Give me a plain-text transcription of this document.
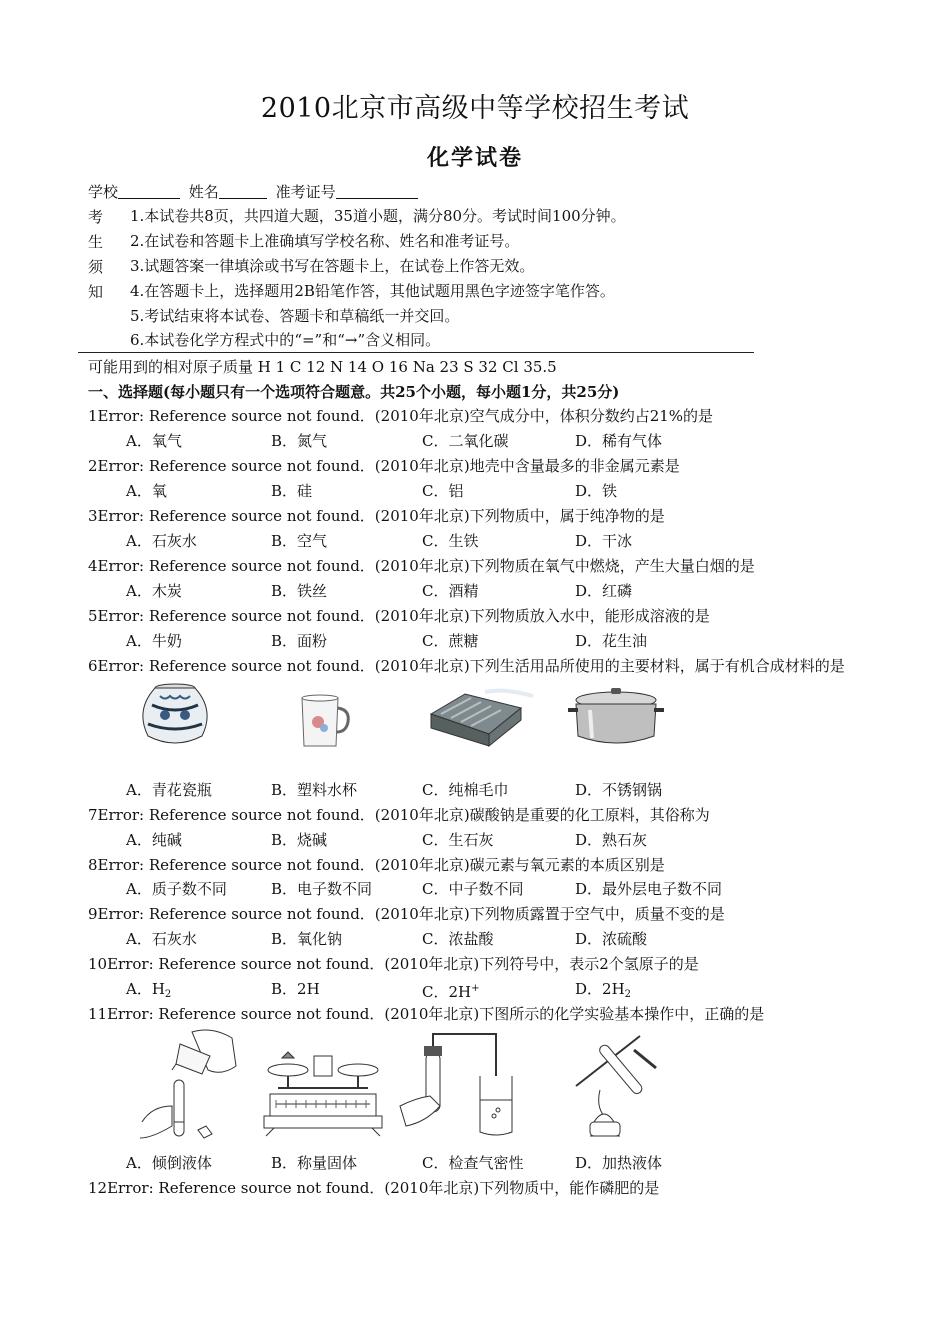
2010北京市高级中等学校招生考试
化学试卷
学校	姓名	准考证号
考
生
须
知
1.本试卷共8页，共四道大题，35道小题，满分80分。考试时间100分钟。
2.在试卷和答题卡上准确填写学校名称、姓名和准考证号。
3.试题答案一律填涂或书写在答题卡上，在试卷上作答无效。
4.在答题卡上，选择题用2B铅笔作答，其他试题用黑色字迹签字笔作答。
5.考试结束将本试卷、答题卡和草稿纸一并交回。
6.本试卷化学方程式中的“=”和“→”含义相同。
可能用到的相对原子质量 H 1 C 12 N 14 O 16 Na 23 S 32 Cl 35.5
一、选择题(每小题只有一个选项符合题意。共25个小题，每小题1分，共25分)
1Error: Reference source not found．(2010年北京)空气成分中，体积分数约占21%的是
A．氧气	B．氮气	C．二氧化碳	D．稀有气体
2Error: Reference source not found．(2010年北京)地壳中含量最多的非金属元素是
A．氧	B．硅	C．铝	D．铁
3Error: Reference source not found．(2010年北京)下列物质中，属于纯净物的是
A．石灰水	B．空气	C．生铁	D．干冰
4Error: Reference source not found．(2010年北京)下列物质在氧气中燃烧，产生大量白烟的是
A．木炭	B．铁丝	C．酒精	D．红磷
5Error: Reference source not found．(2010年北京)下列物质放入水中，能形成溶液的是
A．牛奶	B．面粉	C．蔗糖	D．花生油
6Error: Reference source not found．(2010年北京)下列生活用品所使用的主要材料，属于有机合成材料的是
A．青花瓷瓶	B．塑料水杯	C．纯棉毛巾	D．不锈钢锅
7Error: Reference source not found．(2010年北京)碳酸钠是重要的化工原料，其俗称为
A．纯碱	B．烧碱	C．生石灰	D．熟石灰
8Error: Reference source not found．(2010年北京)碳元素与氧元素的本质区别是
A．质子数不同	B．电子数不同	C．中子数不同	D．最外层电子数不同
9Error: Reference source not found．(2010年北京)下列物质露置于空气中，质量不变的是
A．石灰水	B．氧化钠	C．浓盐酸	D．浓硫酸
10Error: Reference source not found．(2010年北京)下列符号中，表示2个氢原子的是
A．$H_2$	B．2H	C．2H+	D．$2H_2$
11Error: Reference source not found．(2010年北京)下图所示的化学实验基本操作中，正确的是
A．倾倒液体	B．称量固体	C．检查气密性	D．加热液体
12Error: Reference source not found．(2010年北京)下列物质中，能作磷肥的是
